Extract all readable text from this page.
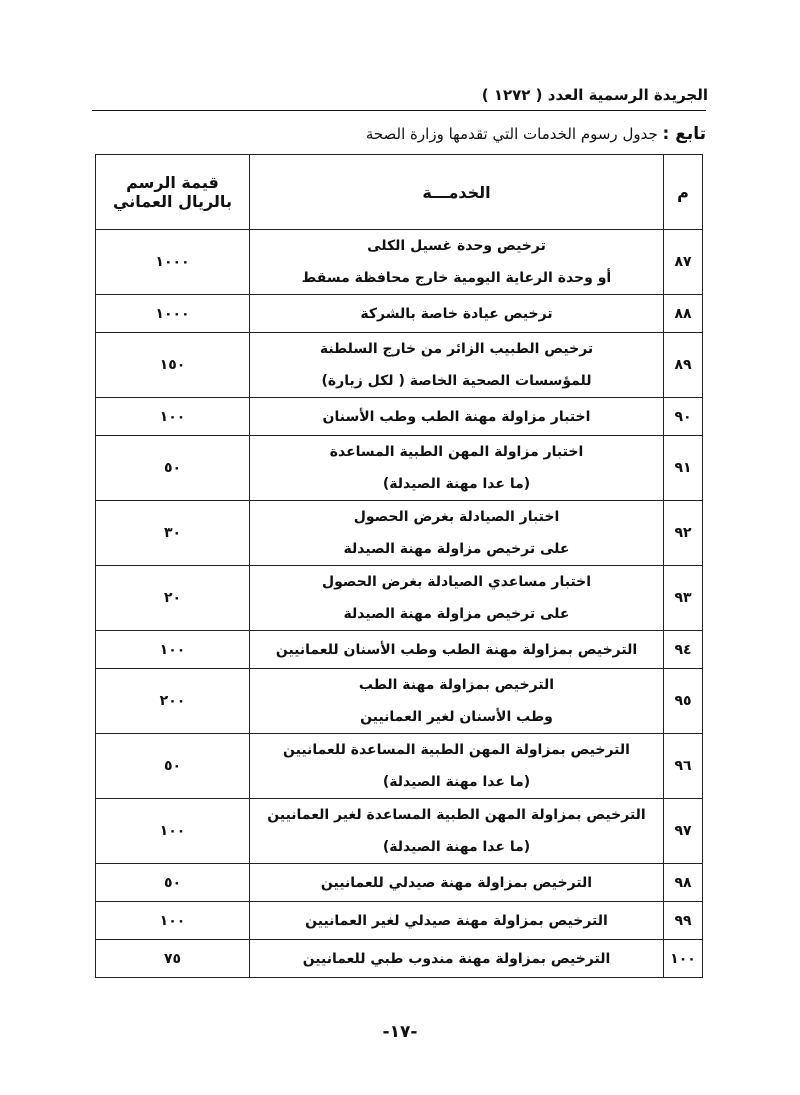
الجريدة الرسمية العدد ( ١٢٧٢ )
تابع : جدول رسوم الخدمات التي تقدمها وزارة الصحة
م	الخدمـــة	قيمة الرسم
بالريال العماني

٨٧	ترخيص وحدة غسيل الكلى
أو وحدة الرعاية اليومية خارج محافظة مسقط	١٠٠٠
٨٨	ترخيص عيادة خاصة بالشركة	١٠٠٠
٨٩	ترخيص الطبيب الزائر من خارج السلطنة
للمؤسسات الصحية الخاصة ( لكل زيارة)	١٥٠
٩٠	اختبار مزاولة مهنة الطب وطب الأسنان	١٠٠
٩١	اختبار مزاولة المهن الطبية المساعدة
(ما عدا مهنة الصيدلة)	٥٠
٩٢	اختبار الصيادلة بغرض الحصول
على ترخيص مزاولة مهنة الصيدلة	٣٠
٩٣	اختبار مساعدي الصيادلة بغرض الحصول
على ترخيص مزاولة مهنة الصيدلة	٢٠
٩٤	الترخيص بمزاولة مهنة الطب وطب الأسنان للعمانيين	١٠٠
٩٥	الترخيص بمزاولة مهنة الطب
وطب الأسنان لغير العمانيين	٢٠٠
٩٦	الترخيص بمزاولة المهن الطبية المساعدة للعمانيين
(ما عدا مهنة الصيدلة)	٥٠
٩٧	الترخيص بمزاولة المهن الطبية المساعدة لغير العمانيين
(ما عدا مهنة الصيدلة)	١٠٠
٩٨	الترخيص بمزاولة مهنة صيدلي للعمانيين	٥٠
٩٩	الترخيص بمزاولة مهنة صيدلي لغير العمانيين	١٠٠
١٠٠	الترخيص بمزاولة مهنة مندوب طبي للعمانيين	٧٥
-١٧-
